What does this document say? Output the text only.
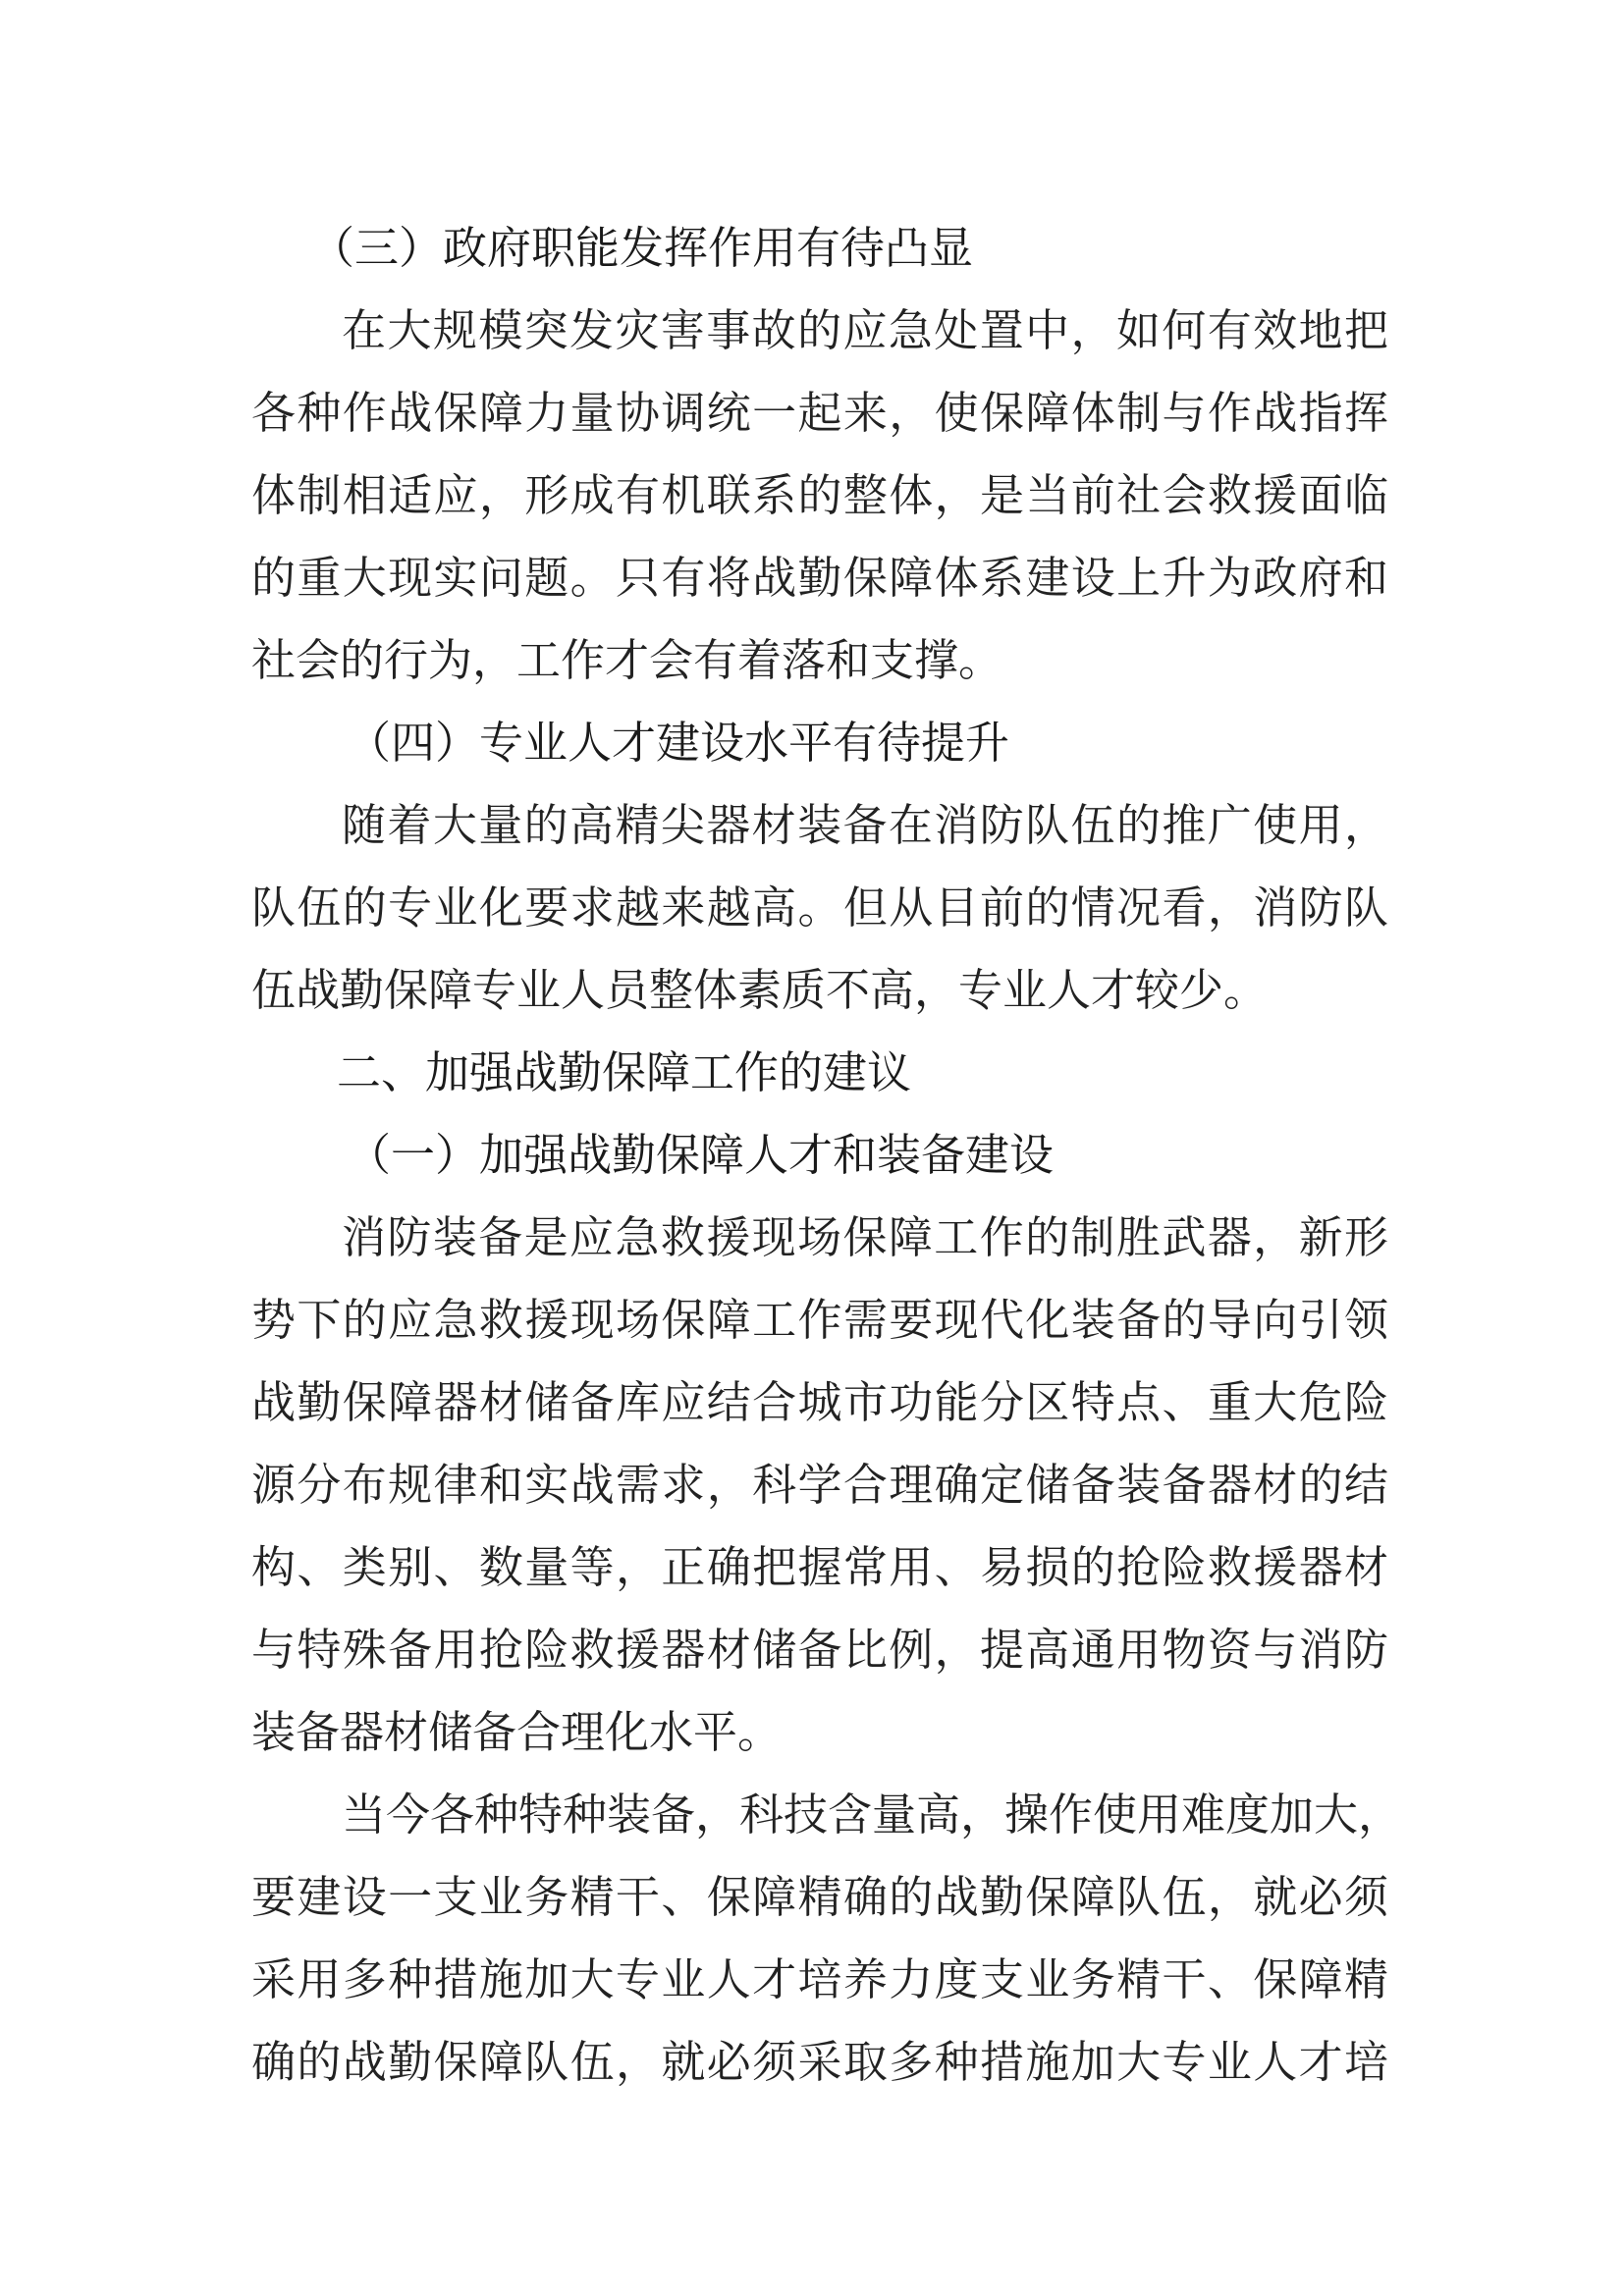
（三）政府职能发挥作用有待凸显
在大规模突发灾害事故的应急处置中，如何有效地把
各种作战保障力量协调统一起来，使保障体制与作战指挥
体制相适应，形成有机联系的整体，是当前社会救援面临
的重大现实问题。只有将战勤保障体系建设上升为政府和
社会的行为，工作才会有着落和支撑。
（四）专业人才建设水平有待提升
随着大量的高精尖器材装备在消防队伍的推广使用，
队伍的专业化要求越来越高。但从目前的情况看，消防队
伍战勤保障专业人员整体素质不高，专业人才较少。
二、加强战勤保障工作的建议
（一）加强战勤保障人才和装备建设
消防装备是应急救援现场保障工作的制胜武器，新形
势下的应急救援现场保障工作需要现代化装备的导向引领
战勤保障器材储备库应结合城市功能分区特点、重大危险
源分布规律和实战需求，科学合理确定储备装备器材的结
构、类别、数量等，正确把握常用、易损的抢险救援器材
与特殊备用抢险救援器材储备比例，提高通用物资与消防
装备器材储备合理化水平。
当今各种特种装备，科技含量高，操作使用难度加大，
要建设一支业务精干、保障精确的战勤保障队伍，就必须
采用多种措施加大专业人才培养力度支业务精干、保障精
确的战勤保障队伍，就必须采取多种措施加大专业人才培
